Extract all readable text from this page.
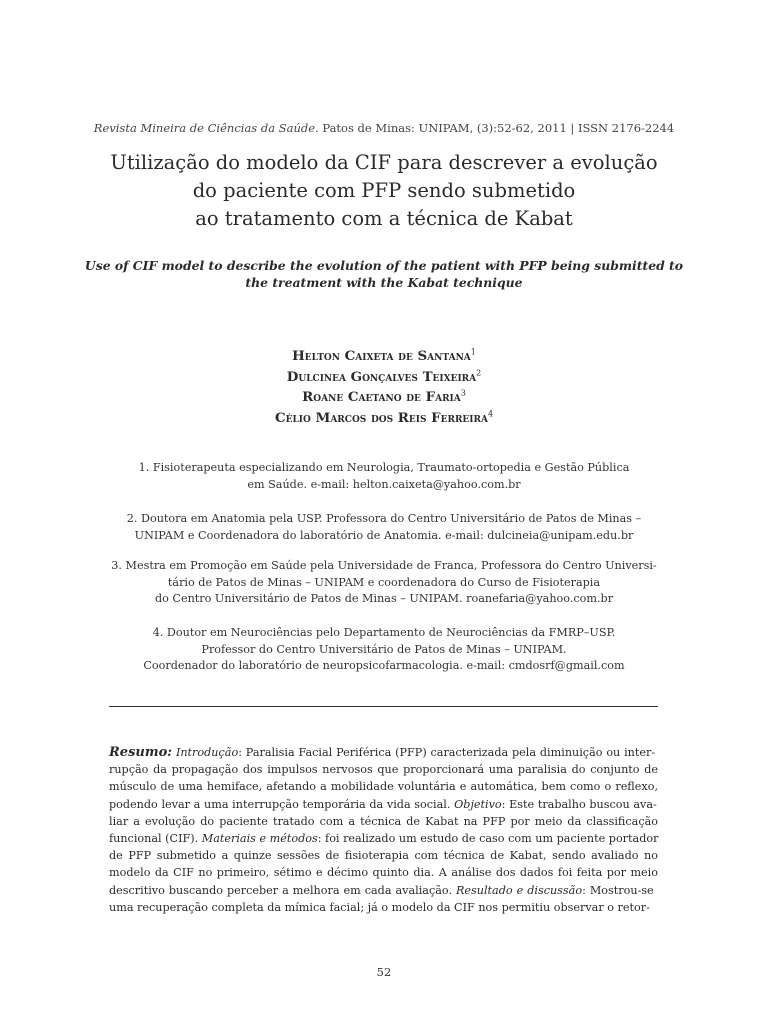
Revista Mineira de Ciências da Saúde. Patos de Minas: UNIPAM, (3):52-62, 2011 | ISSN 2176-2244
Utilização do modelo da CIF para descrever a evolução
do paciente com PFP sendo submetido
ao tratamento com a técnica de Kabat
Use of CIF model to describe the evolution of the patient with PFP being submitted to
the treatment with the Kabat technique
Helton Caixeta de Santana$^1$
Dulcinea Gonçalves Teixeira$^2$
Roane Caetano de Faria$^3$
Célio Marcos dos Reis Ferreira$^4$
1. Fisioterapeuta especializando em Neurologia, Traumato-ortopedia e Gestão Pública
em Saúde. e-mail: helton.caixeta@yahoo.com.br
2. Doutora em Anatomia pela USP. Professora do Centro Universitário de Patos de Minas –
UNIPAM e Coordenadora do laboratório de Anatomia. e-mail: dulcineia@unipam.edu.br
3. Mestra em Promoção em Saúde pela Universidade de Franca, Professora do Centro Universi-
tário de Patos de Minas – UNIPAM e coordenadora do Curso de Fisioterapia
do Centro Universitário de Patos de Minas – UNIPAM. roanefaria@yahoo.com.br
4. Doutor em Neurociências pelo Departamento de Neurociências da FMRP–USP.
Professor do Centro Universitário de Patos de Minas – UNIPAM.
Coordenador do laboratório de neuropsicofarmacologia. e-mail: cmdosrf@gmail.com
Resumo: Introdução: Paralisia Facial Periférica (PFP) caracterizada pela diminuição ou inter-
rupção da propagação dos impulsos nervosos que proporcionará uma paralisia do conjunto de
músculo de uma hemiface, afetando a mobilidade voluntária e automática, bem como o reflexo,
podendo levar a uma interrupção temporária da vida social. Objetivo: Este trabalho buscou ava-
liar a evolução do paciente tratado com a técnica de Kabat na PFP por meio da classificação
funcional (CIF). Materiais e métodos: foi realizado um estudo de caso com um paciente portador
de PFP submetido a quinze sessões de fisioterapia com técnica de Kabat, sendo avaliado no
modelo da CIF no primeiro, sétimo e décimo quinto dia. A análise dos dados foi feita por meio
descritivo buscando perceber a melhora em cada avaliação. Resultado e discussão: Mostrou-se
uma recuperação completa da mímica facial; já o modelo da CIF nos permitiu observar o retor-
52
